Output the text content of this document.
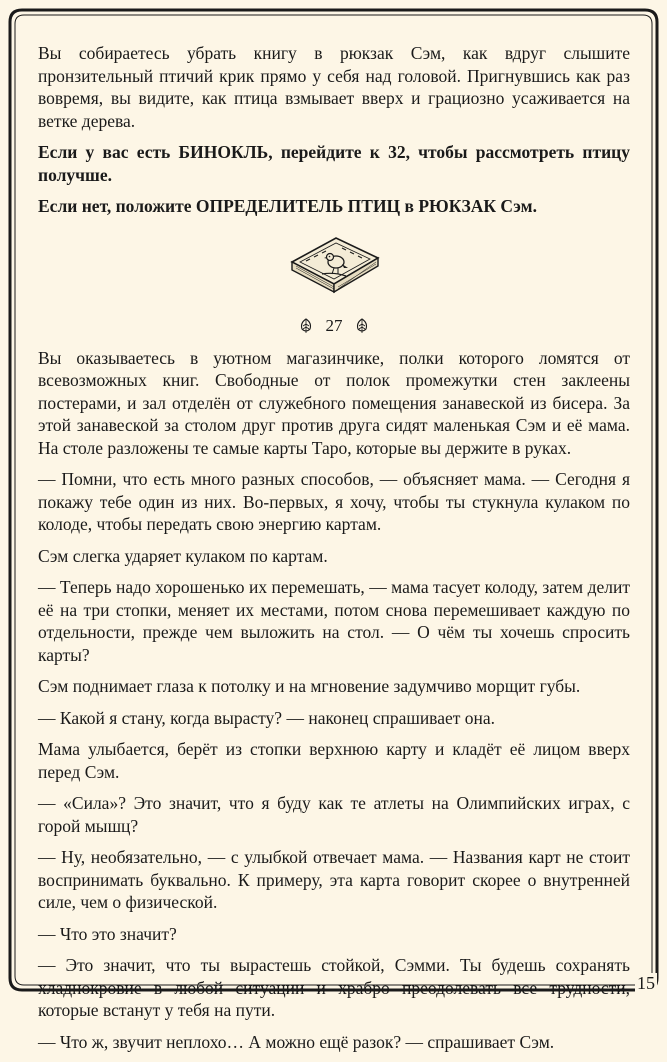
Вы собираетесь убрать книгу в рюкзак Сэм, как вдруг слышите пронзительный птичий крик прямо у себя над головой. Пригнувшись как раз вовремя, вы видите, как птица взмывает вверх и грациозно усаживается на ветке дерева.

Если у вас есть БИНОКЛЬ, перейдите к 32, чтобы рассмотреть птицу получше.

Если нет, положите ОПРЕДЕЛИТЕЛЬ ПТИЦ в РЮКЗАК Сэм.

27

Вы оказываетесь в уютном магазинчике, полки которого ломятся от всевозможных книг. Свободные от полок промежутки стен заклеены постерами, и зал отделён от служебного помещения занавеской из бисера. За этой занавеской за столом друг против друга сидят маленькая Сэм и её мама. На столе разложены те самые карты Таро, которые вы держите в руках.

— Помни, что есть много разных способов, — объясняет мама. — Сегодня я покажу тебе один из них. Во-первых, я хочу, чтобы ты стукнула кулаком по колоде, чтобы передать свою энергию картам.

Сэм слегка ударяет кулаком по картам.

— Теперь надо хорошенько их перемешать, — мама тасует колоду, затем делит её на три стопки, меняет их местами, потом снова перемешивает каждую по отдельности, прежде чем выложить на стол. — О чём ты хочешь спросить карты?

Сэм поднимает глаза к потолку и на мгновение задумчиво морщит губы.

— Какой я стану, когда вырасту? — наконец спрашивает она.

Мама улыбается, берёт из стопки верхнюю карту и кладёт её лицом вверх перед Сэм.

— «Сила»? Это значит, что я буду как те атлеты на Олимпийских играх, с горой мышц?

— Ну, необязательно, — с улыбкой отвечает мама. — Названия карт не стоит воспринимать буквально. К примеру, эта карта говорит скорее о внутренней силе, чем о физической.

— Что это значит?

— Это значит, что ты вырастешь стойкой, Сэмми. Ты будешь сохранять хладнокровие в любой ситуации и храбро преодолевать все трудности, которые встанут у тебя на пути.

— Что ж, звучит неплохо… А можно ещё разок? — спрашивает Сэм.

15
